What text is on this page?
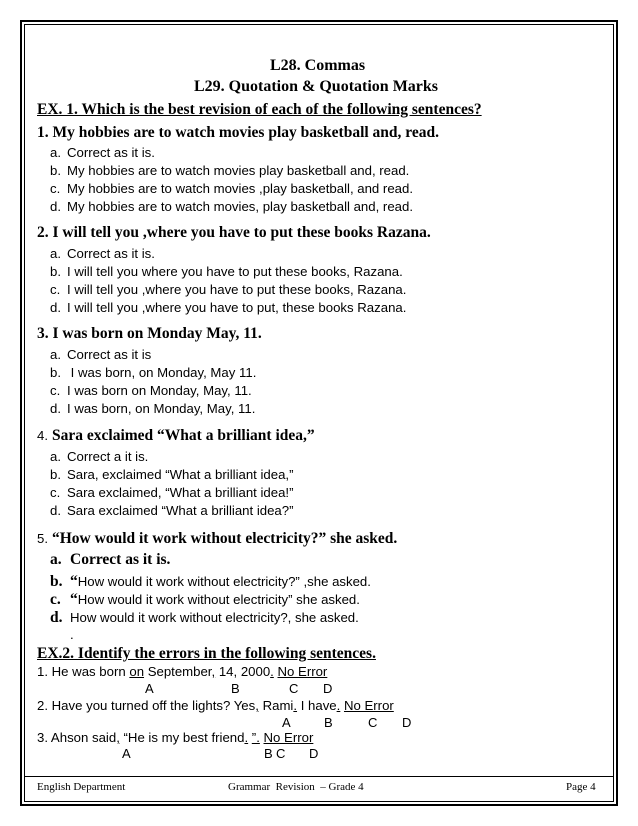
L28. Commas
L29. Quotation & Quotation Marks
EX. 1. Which is the best revision of each of the following sentences?
1. My hobbies are to watch movies play basketball and, read.
a. Correct as it is.
b. My hobbies are to watch movies play basketball and, read.
c. My hobbies are to watch movies ,play basketball, and read.
d. My hobbies are to watch movies, play basketball and, read.
2. I will tell you ,where you have to put these books Razana.
a. Correct as it is.
b. I will tell you where you have to put these books, Razana.
c. I will tell you ,where you have to put these books, Razana.
d. I will tell you ,where you have to put, these books Razana.
3. I was born on Monday May, 11.
a. Correct as it is
b. I was born, on Monday, May 11.
c. I was born on Monday, May, 11.
d. I was born, on Monday, May, 11.
4. Sara exclaimed “What a brilliant idea,”
a. Correct a it is.
b. Sara, exclaimed “What a brilliant idea,”
c. Sara exclaimed, “What a brilliant idea!”
d. Sara exclaimed “What a brilliant idea?”
5. “How would it work without electricity?” she asked.
a. Correct as it is.
b. “How would it work without electricity?” ,she asked.
c. “How would it work without electricity” she asked.
d. How would it work without electricity?, she asked.
.
EX.2. Identify the errors in the following sentences.
1. He was born on September, 14, 2000. No Error
A	B	C D
2. Have you turned off the lights? Yes, Rami. I have. No Error
A	B	C D
3. Ahson said, “He is my best friend. ”. No Error
A	B C D
English Department	Grammar  Revision  – Grade 4	Page 4
